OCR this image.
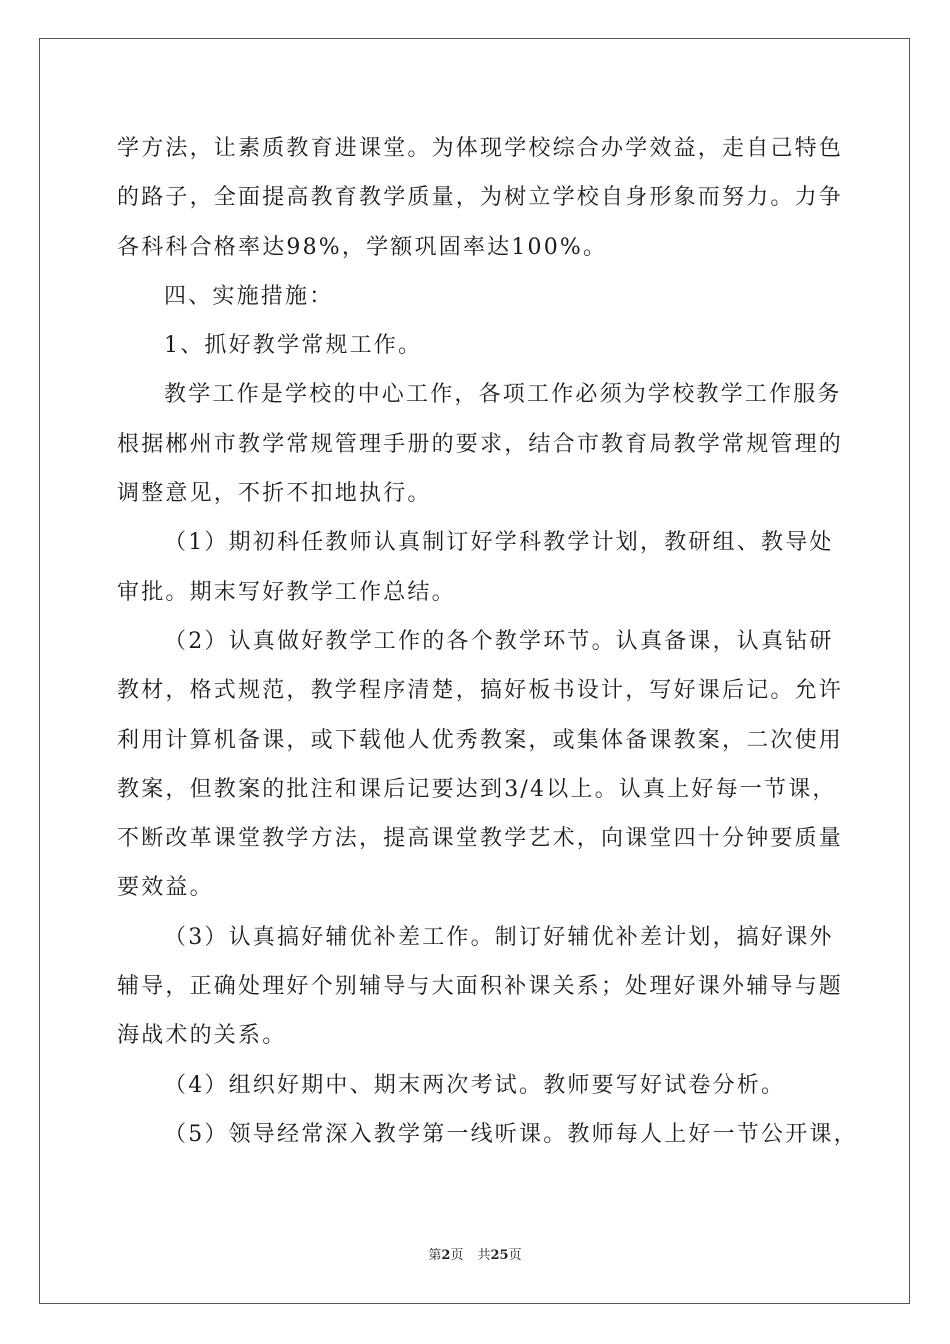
学方法，让素质教育进课堂。为体现学校综合办学效益，走自己特色
的路子，全面提高教育教学质量，为树立学校自身形象而努力。力争
各科科合格率达98%，学额巩固率达100%。
四、实施措施：
1、抓好教学常规工作。
教学工作是学校的中心工作，各项工作必须为学校教学工作服务
根据郴州市教学常规管理手册的要求，结合市教育局教学常规管理的
调整意见，不折不扣地执行。
（1）期初科任教师认真制订好学科教学计划，教研组、教导处
审批。期末写好教学工作总结。
（2）认真做好教学工作的各个教学环节。认真备课，认真钻研
教材，格式规范，教学程序清楚，搞好板书设计，写好课后记。允许
利用计算机备课，或下载他人优秀教案，或集体备课教案，二次使用
教案，但教案的批注和课后记要达到3/4以上。认真上好每一节课，
不断改革课堂教学方法，提高课堂教学艺术，向课堂四十分钟要质量
要效益。
（3）认真搞好辅优补差工作。制订好辅优补差计划，搞好课外
辅导，正确处理好个别辅导与大面积补课关系；处理好课外辅导与题
海战术的关系。
（4）组织好期中、期末两次考试。教师要写好试卷分析。
（5）领导经常深入教学第一线听课。教师每人上好一节公开课，
第2页 共25页
